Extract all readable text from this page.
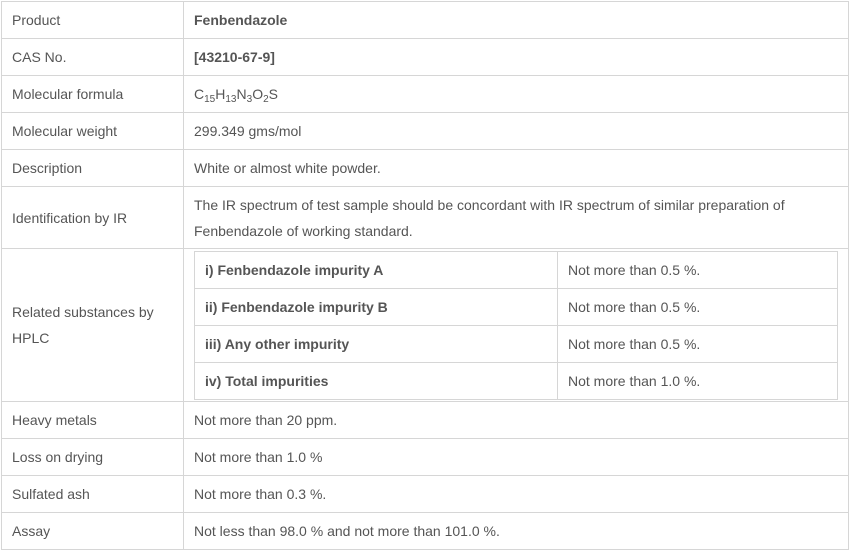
Product	Fenbendazole
CAS No.	[43210-67-9]
Molecular formula	$C_{15}H_{13}N_3O_2S$
Molecular weight	299.349 gms/mol
Description	White or almost white powder.
Identification by IR	The IR spectrum of test sample should be concordant with IR spectrum of similar preparation of Fenbendazole of working standard.
Related substances by HPLC	
i) Fenbendazole impurity A	Not more than 0.5 %.
ii) Fenbendazole impurity B	Not more than 0.5 %.
iii) Any other impurity	Not more than 0.5 %.
iv) Total impurities	Not more than 1.0 %.

Heavy metals	Not more than 20 ppm.
Loss on drying	Not more than 1.0 %
Sulfated ash	Not more than 0.3 %.
Assay	Not less than 98.0 % and not more than 101.0 %.
